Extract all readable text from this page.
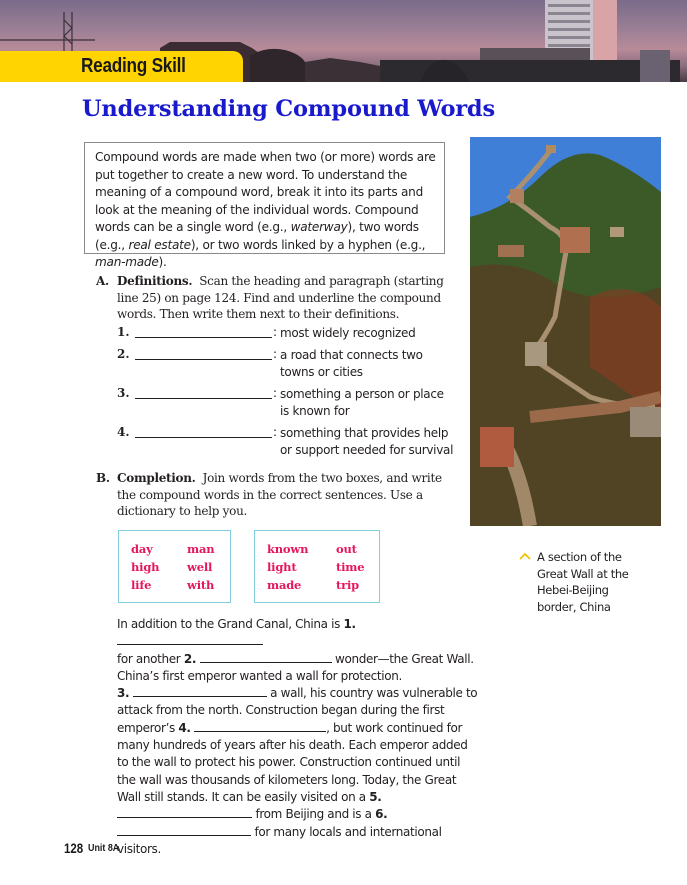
Reading Skill
Understanding Compound Words

Compound words are made when two (or more) words are put together to create a new word. To understand the meaning of a compound word, break it into its parts and look at the meaning of the individual words. Compound words can be a single word (e.g., waterway), two words (e.g., real estate), or two words linked by a hyphen (e.g., man-made).

A. Definitions. Scan the heading and paragraph (starting line 25) on page 124. Find and underline the compound words. Then write them next to their definitions.
1.	: most widely recognized
2.	: a road that connects two towns or cities
3.	: something a person or place is known for
4.	: something that provides help or support needed for survival
B. Completion. Join words from the two boxes, and write the compound words in the correct sentences. Use a dictionary to help you.
day	man
high well
life	with
known out
light	time
made	trip
In addition to the Grand Canal, China is 1.
for another 2.	wonder—the Great Wall. China’s first emperor wanted a wall for protection.
3.	a wall, his country was vulnerable to attack from the north. Construction began during the first emperor’s 4.	, but work continued for many hundreds of years after his death. Each emperor added to the wall to protect his power. Construction continued until the wall was thousands of kilometers long. Today, the Great Wall still stands. It can be easily visited on a 5.  from Beijing and is a 6.  for many locals and international visitors.
A section of the Great Wall at the Hebei-Beijing border, China
128 Unit 8A
